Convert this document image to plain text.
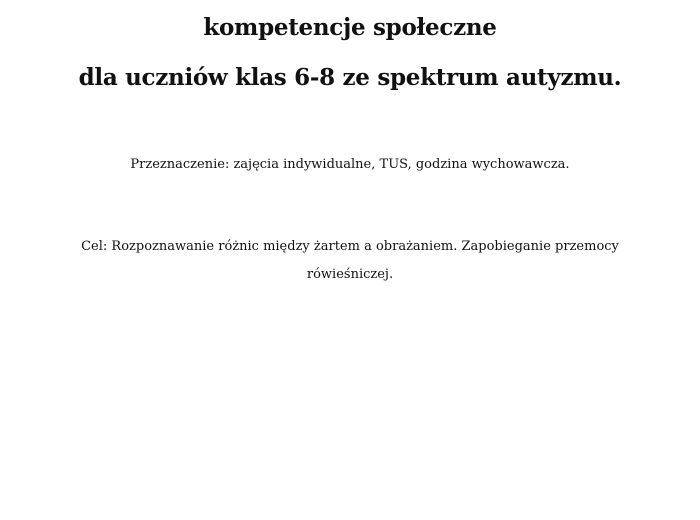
kompetencje społeczne
dla uczniów klas 6-8 ze spektrum autyzmu.

Przeznaczenie: zajęcia indywidualne, TUS, godzina wychowawcza.

Cel: Rozpoznawanie różnic między żartem a obrażaniem. Zapobieganie przemocy

rówieśniczej.
